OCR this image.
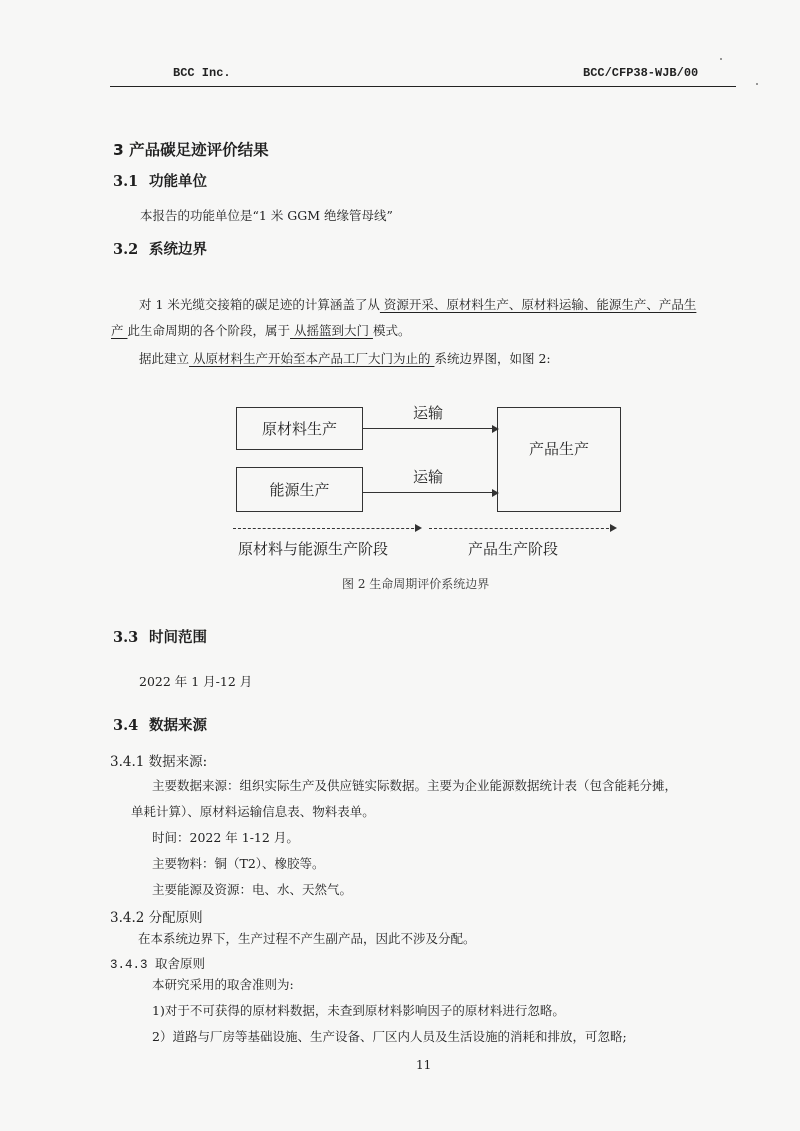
BCC Inc.	BCC/CFP38-WJB/00
3 产品碳足迹评价结果
3.1 功能单位
本报告的功能单位是“1 米 GGM 绝缘管母线”
3.2 系统边界
对 1 米光缆交接箱的碳足迹的计算涵盖了从 资源开采、原材料生产、原材料运输、能源生产、产品生
产 此生命周期的各个阶段，属于 从摇篮到大门 模式。
据此建立 从原材料生产开始至本产品工厂大门为止的 系统边界图，如图 2:
原材料生产
能源生产
产品生产
运输
运输
原材料与能源生产阶段	产品生产阶段
图 2 生命周期评价系统边界
3.3 时间范围
2022 年 1 月-12 月
3.4 数据来源
3.4.1 数据来源:
主要数据来源：组织实际生产及供应链实际数据。主要为企业能源数据统计表（包含能耗分摊，
单耗计算）、原材料运输信息表、物料表单。
时间：2022 年 1-12 月。
主要物料：铜（T2）、橡胶等。
主要能源及资源：电、水、天然气。
3.4.2 分配原则
在本系统边界下，生产过程不产生副产品，因此不涉及分配。
3.4.3 取舍原则
本研究采用的取舍准则为:
1)对于不可获得的原材料数据，未查到原材料影响因子的原材料进行忽略。
2）道路与厂房等基础设施、生产设备、厂区内人员及生活设施的消耗和排放，可忽略;
11
